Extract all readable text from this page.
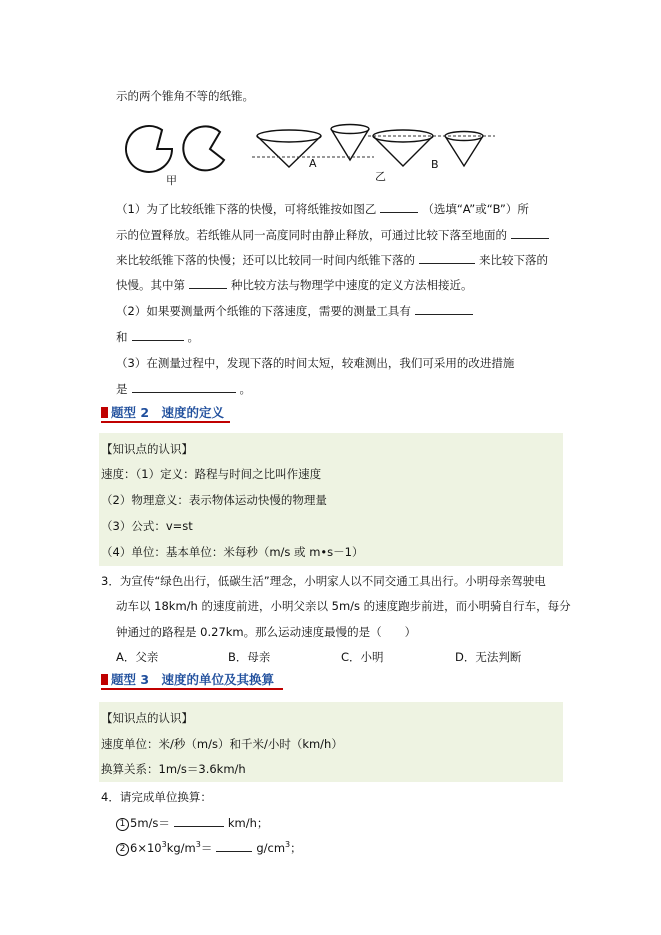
示的两个锥角不等的纸锥。
甲
A
乙
B
（1）为了比较纸锥下落的快慢，可将纸锥按如图乙	（选填“A”或“B”）所
示的位置释放。若纸锥从同一高度同时由静止释放，可通过比较下落至地面的
来比较纸锥下落的快慢；还可以比较同一时间内纸锥下落的	来比较下落的
快慢。其中第	种比较方法与物理学中速度的定义方法相接近。
（2）如果要测量两个纸锥的下落速度，需要的测量工具有
和	。
（3）在测量过程中，发现下落的时间太短，较难测出，我们可采用的改进措施
是	。
题型 2　速度的定义
【知识点的认识】
速度：（1）定义：路程与时间之比叫作速度
（2）物理意义：表示物体运动快慢的物理量
（3）公式：v=st
（4）单位：基本单位：米每秒（m/s 或 m•s－1）
3．为宣传“绿色出行，低碳生活”理念，小明家人以不同交通工具出行。小明母亲驾驶电
动车以 18km/h 的速度前进，小明父亲以 5m/s 的速度跑步前进，而小明骑自行车，每分
钟通过的路程是 0.27km。那么运动速度最慢的是（　　）
A．父亲	B．母亲	C．小明	D．无法判断
题型 3　速度的单位及其换算
【知识点的认识】
速度单位：米/秒（m/s）和千米/小时（km/h）
换算关系：1m/s＝3.6km/h
4．请完成单位换算：
1 5m/s＝	km/h；
2 $6\times 10^3kg/m^3=$	$g/cm^3$；
